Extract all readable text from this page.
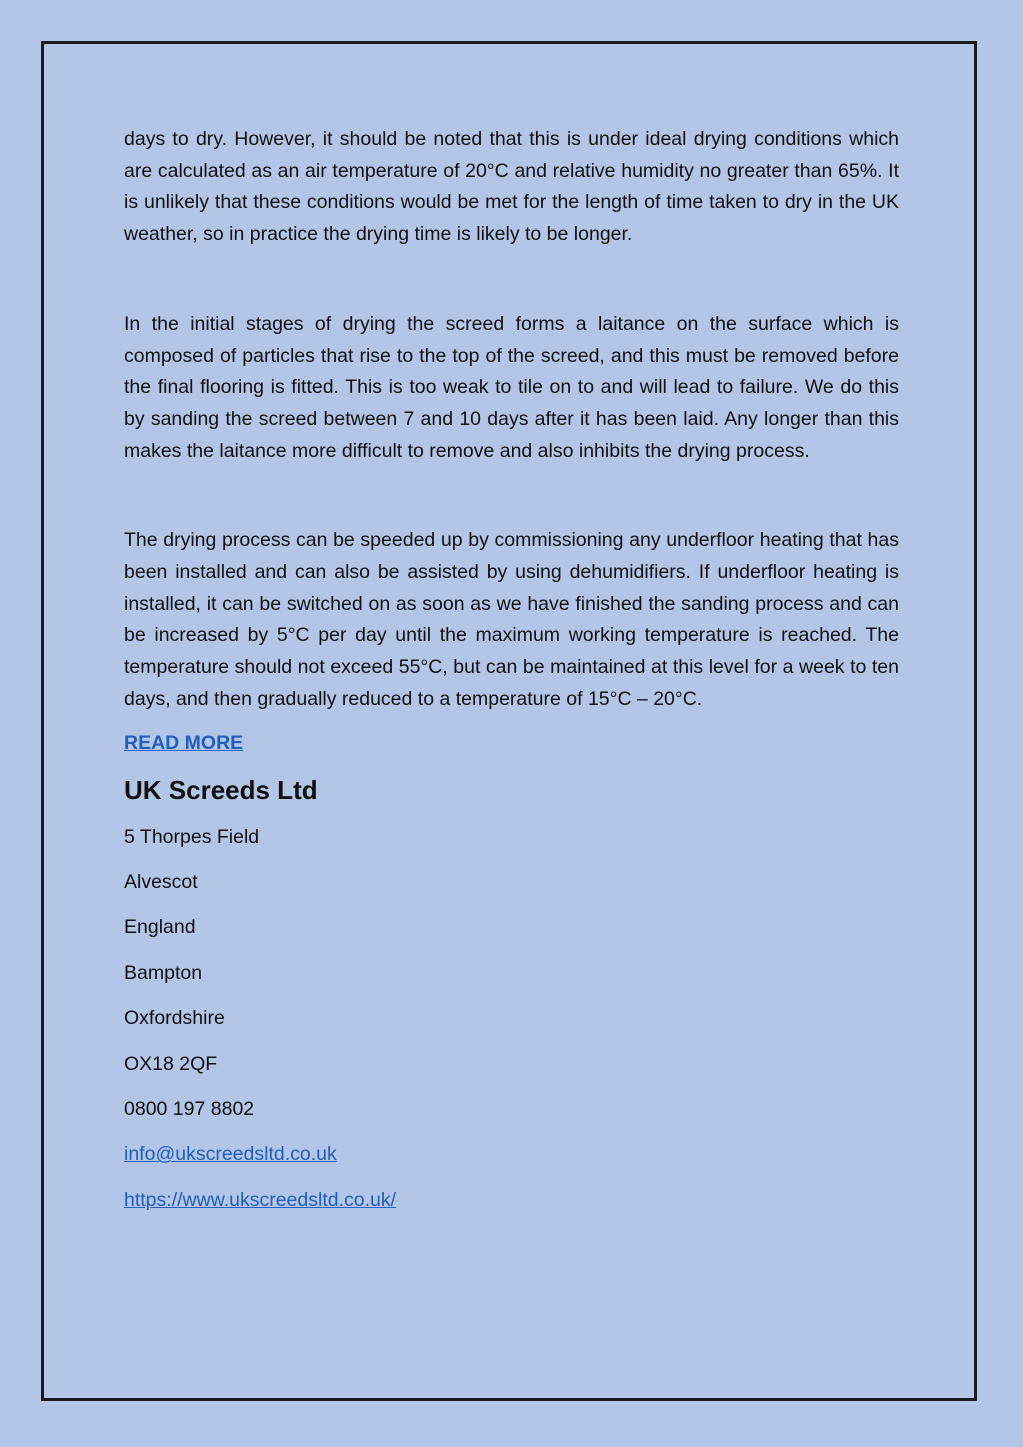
days to dry. However, it should be noted that this is under ideal drying conditions which are calculated as an air temperature of 20°C and relative humidity no greater than 65%. It is unlikely that these conditions would be met for the length of time taken to dry in the UK weather, so in practice the drying time is likely to be longer.

In the initial stages of drying the screed forms a laitance on the surface which is composed of particles that rise to the top of the screed, and this must be removed before the final flooring is fitted. This is too weak to tile on to and will lead to failure. We do this by sanding the screed between 7 and 10 days after it has been laid. Any longer than this makes the laitance more difficult to remove and also inhibits the drying process.

The drying process can be speeded up by commissioning any underfloor heating that has been installed and can also be assisted by using dehumidifiers. If underfloor heating is installed, it can be switched on as soon as we have finished the sanding process and can be increased by 5°C per day until the maximum working temperature is reached. The temperature should not exceed 55°C, but can be maintained at this level for a week to ten days, and then gradually reduced to a temperature of 15°C – 20°C.

READ MORE
UK Screeds Ltd

5 Thorpes Field

Alvescot

England

Bampton

Oxfordshire

OX18 2QF

0800 197 8802

info@ukscreedsltd.co.uk

https://www.ukscreedsltd.co.uk/
